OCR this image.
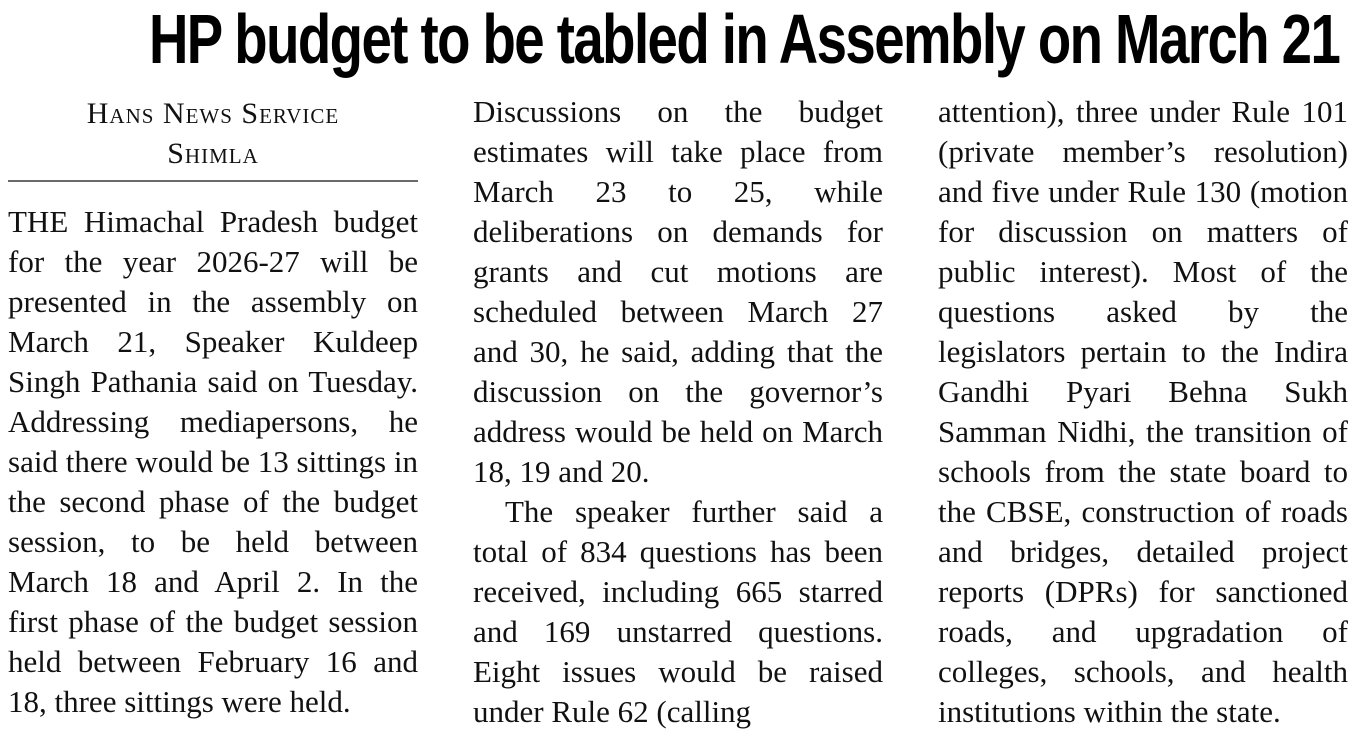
HP budget to be tabled in Assembly on March 21
Hans News Service
Shimla

THE Himachal Pradesh budget for the year 2026-27 will be presented in the assembly on March 21, Speaker Kuldeep Singh Pathania said on Tuesday. Addressing mediapersons, he said there would be 13 sittings in the second phase of the budget session, to be held between March 18 and April 2. In the first phase of the budget session held between February 16 and 18, three sittings were held.

Discussions on the budget estimates will take place from March 23 to 25, while deliberations on demands for grants and cut motions are scheduled between March 27 and 30, he said, adding that the discussion on the governor’s address would be held on March 18, 19 and 20.

The speaker further said a total of 834 questions has been received, including 665 starred and 169 unstarred questions. Eight issues would be raised under Rule 62 (calling

attention), three under Rule 101 (private member’s resolution) and five under Rule 130 (motion for discussion on matters of public interest). Most of the questions asked by the legislators pertain to the Indira Gandhi Pyari Behna Sukh Samman Nidhi, the transition of schools from the state board to the CBSE, construction of roads and bridges, detailed project reports (DPRs) for sanctioned roads, and upgradation of colleges, schools, and health institutions within the state.
